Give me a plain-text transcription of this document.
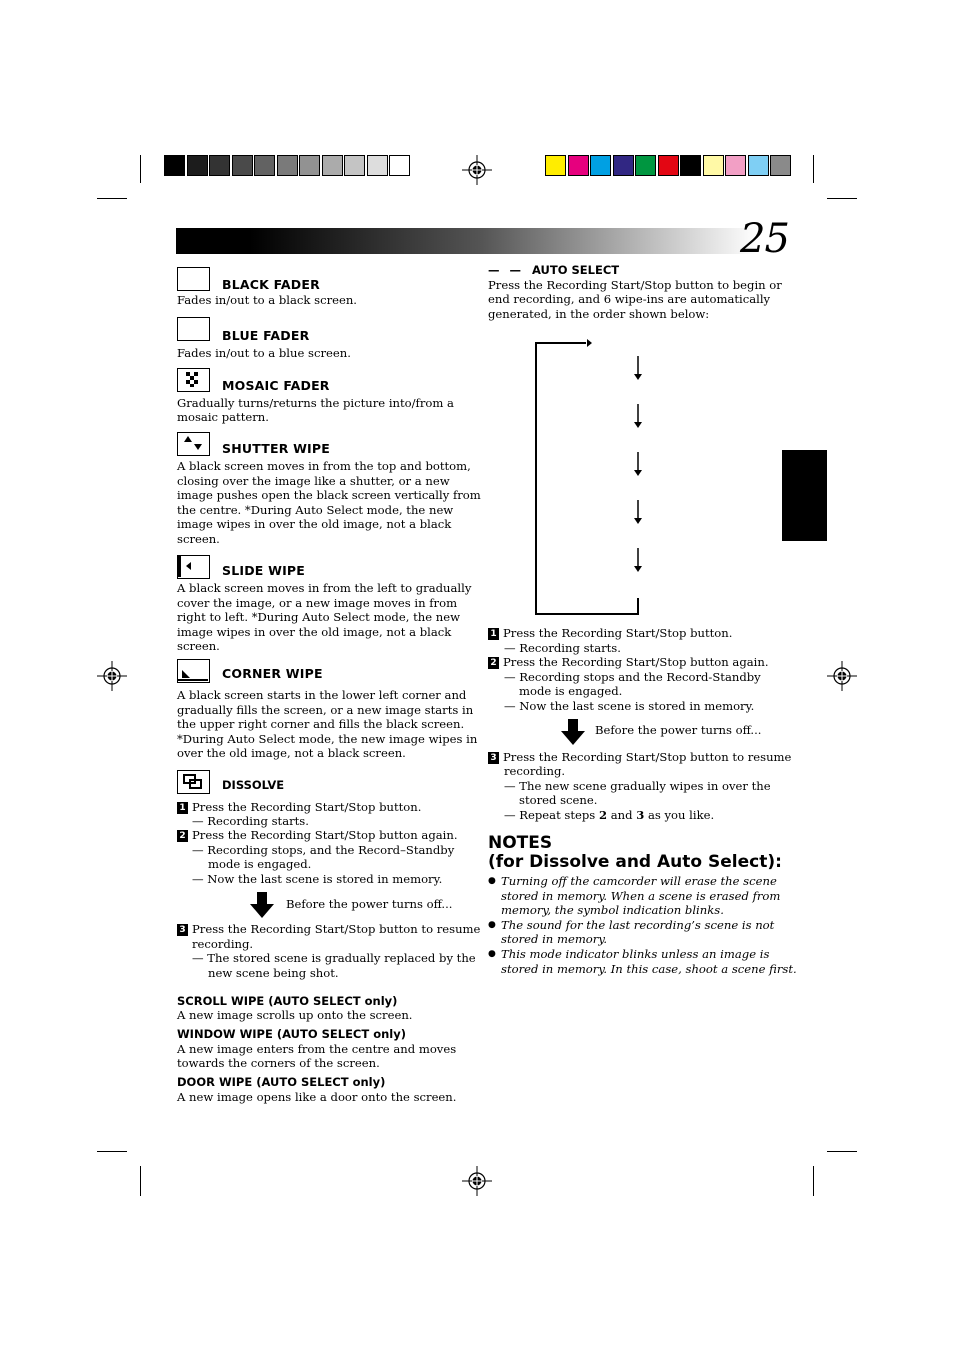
25
BLACK FADER
Fades in/out to a black screen.
BLUE FADER
Fades in/out to a blue screen.
MOSAIC FADER
Gradually turns/returns the picture into/from a
mosaic pattern.
SHUTTER WIPE
A black screen moves in from the top and bottom,
closing over the image like a shutter, or a new
image pushes open the black screen vertically from
the centre. *During Auto Select mode, the new
image wipes in over the old image, not a black
screen.
SLIDE WIPE
A black screen moves in from the left to gradually
cover the image, or a new image moves in from
right to left. *During Auto Select mode, the new
image wipes in over the old image, not a black
screen.
CORNER WIPE
A black screen starts in the lower left corner and
gradually fills the screen, or a new image starts in
the upper right corner and fills the black screen.
*During Auto Select mode, the new image wipes in
over the old image, not a black screen.
DISSOLVE
1 Press the Recording Start/Stop button.
— Recording starts.
2 Press the Recording Start/Stop button again.
— Recording stops, and the Record–Standby
mode is engaged.
— Now the last scene is stored in memory.
Before the power turns off...
3 Press the Recording Start/Stop button to resume
recording.
— The stored scene is gradually replaced by the
new scene being shot.
SCROLL WIPE (AUTO SELECT only)
A new image scrolls up onto the screen.
WINDOW WIPE (AUTO SELECT only)
A new image enters from the centre and moves
towards the corners of the screen.
DOOR WIPE (AUTO SELECT only)
A new image opens like a door onto the screen.
— — AUTO SELECT
Press the Recording Start/Stop button to begin or
end recording, and 6 wipe-ins are automatically
generated, in the order shown below:
1 Press the Recording Start/Stop button.
— Recording starts.
2 Press the Recording Start/Stop button again.
— Recording stops and the Record-Standby
mode is engaged.
— Now the last scene is stored in memory.
Before the power turns off...
3 Press the Recording Start/Stop button to resume
recording.
— The new scene gradually wipes in over the
stored scene.
— Repeat steps 2 and 3 as you like.
NOTES
(for Dissolve and Auto Select):
● Turning off the camcorder will erase the scene
stored in memory. When a scene is erased from
memory, the symbol indication blinks.
● The sound for the last recording’s scene is not
stored in memory.
● This mode indicator blinks unless an image is
stored in memory. In this case, shoot a scene first.
